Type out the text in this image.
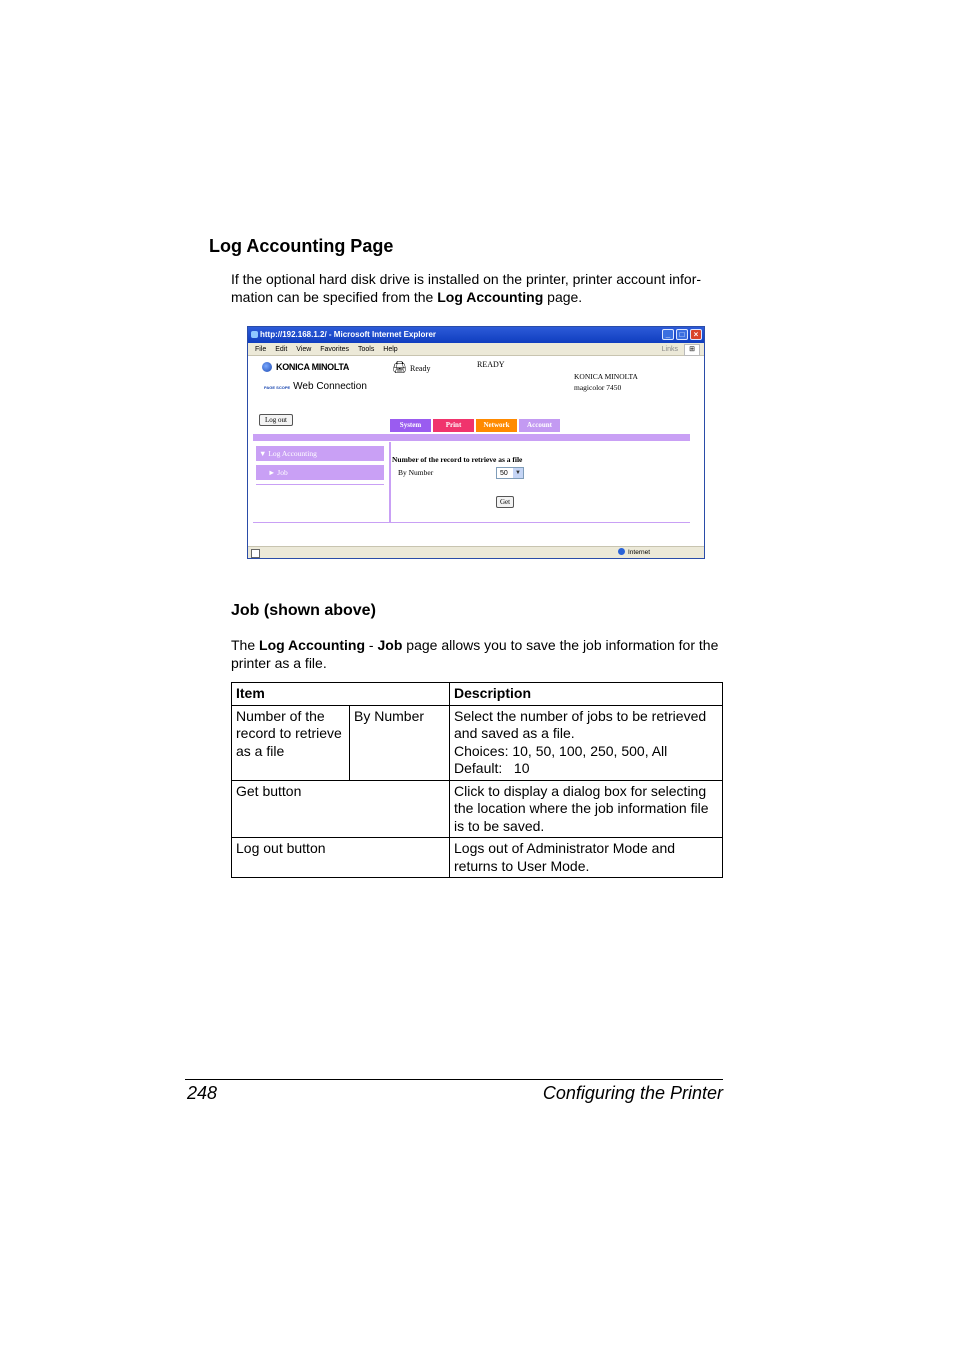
Log Accounting Page
If the optional hard disk drive is installed on the printer, printer account infor-mation can be specified from the Log Accounting page.
http://192.168.1.2/ - Microsoft Internet Explorer	_	□	×
File Edit View Favorites Tools Help	Links	⊞
KONICA MINOLTA
PAGE SCOPE Web Connection
🖨 Ready	READY
KONICA MINOLTA
magicolor 7450
Log out
System	Print	Network	Account
▼ Log Accounting
► Job
Number of the record to retrieve as a file
By Number	50	▼
Get
Internet
Job (shown above)
The Log Accounting - Job page allows you to save the job information for the printer as a file.
Item		Description
Number of the record to retrieve as a file	By Number	Select the number of jobs to be retrieved and saved as a file.
Choices: 10, 50, 100, 250, 500, All
Default:   10

Get button		Click to display a dialog box for selecting the location where the job information file is to be saved.
Log out button		Logs out of Administrator Mode and returns to User Mode.
248	Configuring the Printer
